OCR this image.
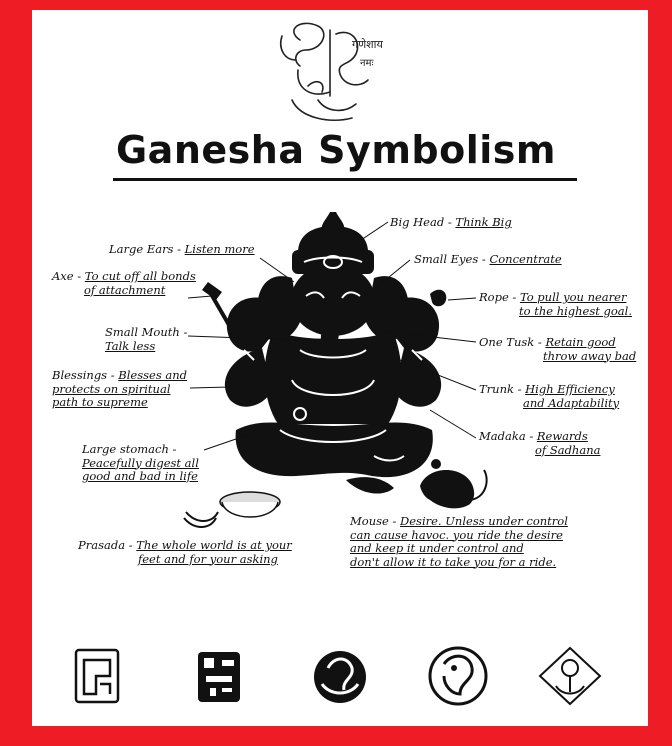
गणेशाय
नमः
Ganesha Symbolism
Big Head - Think Big
Large Ears - Listen more
Small Eyes - Concentrate
Axe - To cut off all bonds
of attachment
Rope - To pull you nearer
to the highest goal.
Small Mouth -
Talk less	One Tusk - Retain good
throw away bad
Blessings - Blesses and
protects on spiritual
path to supreme
Trunk - High Efficiency
and Adaptability
Large stomach -
Peacefully digest all
good and bad in life
Madaka - Rewards
of Sadhana
Mouse - Desire. Unless under control
can cause havoc. you ride the desire
and keep it under control and
don't allow it to take you for a ride.
Prasada - The whole world is at your
feet and for your asking
